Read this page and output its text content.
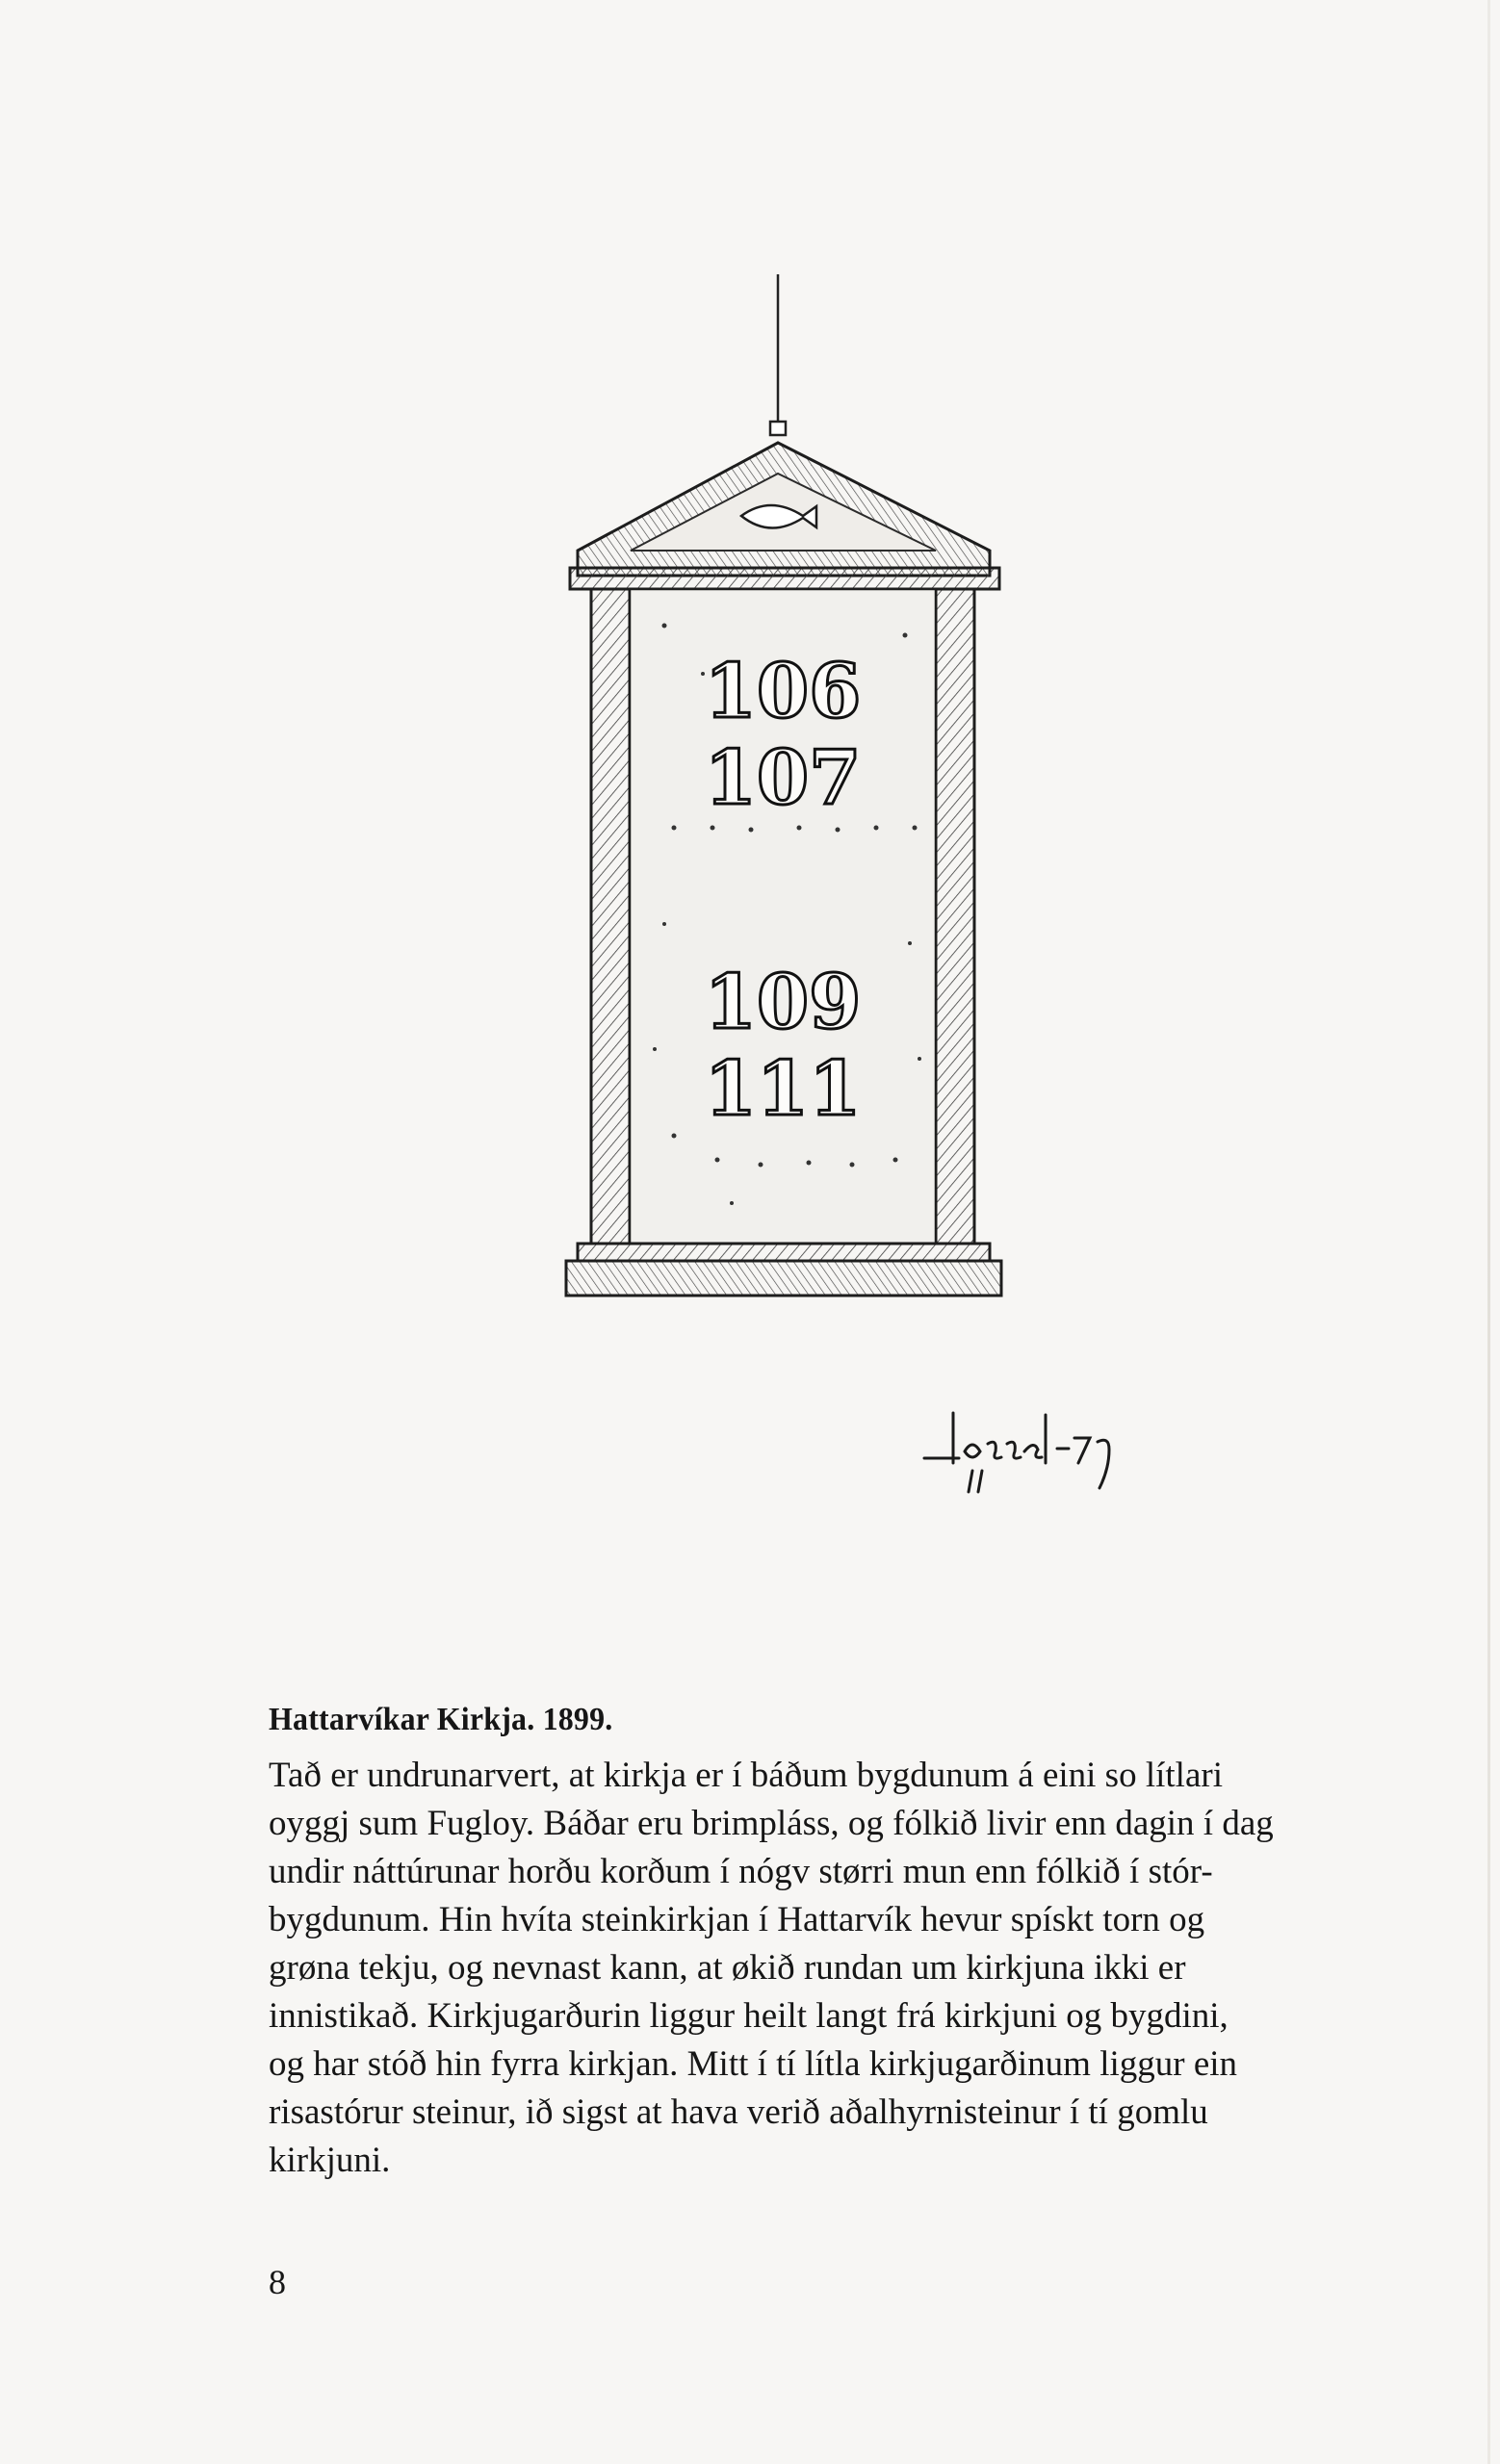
106
107
109
111
Hattarvíkar Kirkja. 1899.
Tað er undrunarvert, at kirkja er í báðum bygdunum á eini so lítlari
oyggj sum Fugloy. Báðar eru brimpláss, og fólkið livir enn dagin í dag
undir náttúrunar horðu korðum í nógv størri mun enn fólkið í stór-
bygdunum. Hin hvíta steinkirkjan í Hattarvík hevur spískt torn og
grøna tekju, og nevnast kann, at økið rundan um kirkjuna ikki er
innistikað. Kirkjugarðurin liggur heilt langt frá kirkjuni og bygdini,
og har stóð hin fyrra kirkjan. Mitt í tí lítla kirkjugarðinum liggur ein
risastórur steinur, ið sigst at hava verið aðalhyrnisteinur í tí gomlu
kirkjuni.
8
